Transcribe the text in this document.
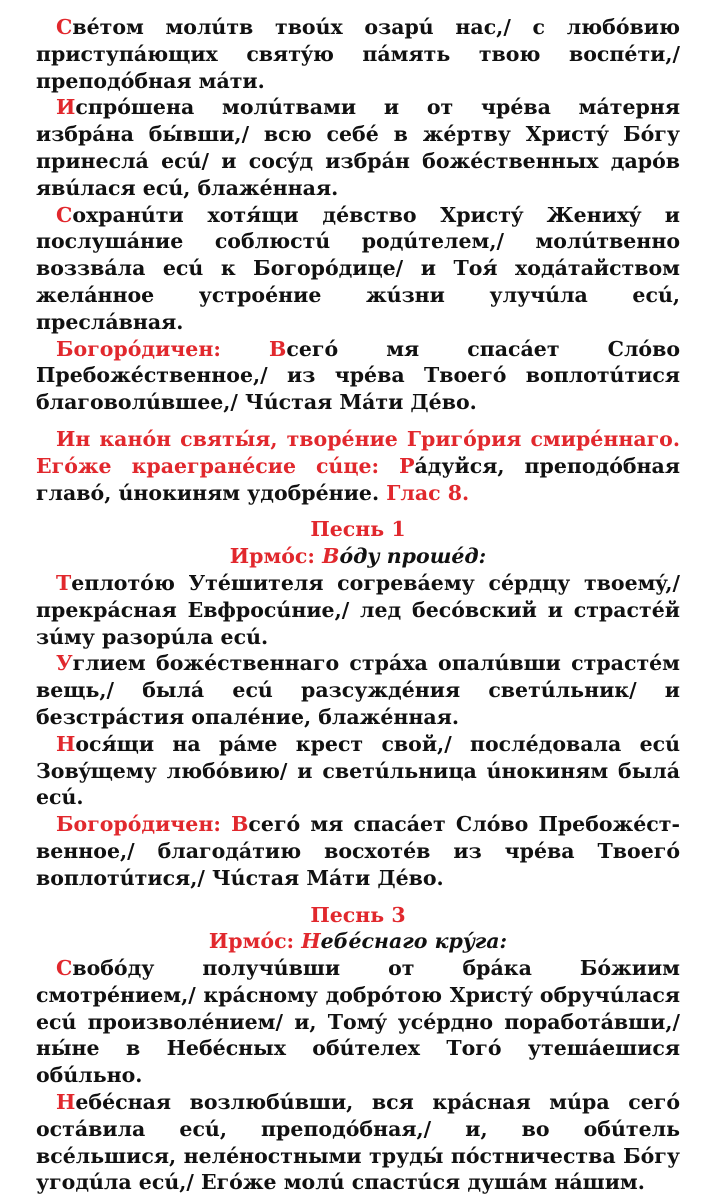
Свéтом молúтв твоúх озарú нас,/ с любóвию приступáющих святýю пáмять твою воспéти,/ преподóбная мáти.

Испрóшена молúтвами и от чрéва мáтерня избрáна бы́вши,/ всю себé в жéртву Христý Бóгу принеслá есú/ и сосýд избрáн божéственных дарóв явúлася есú, блажéнная.

Сохранúти хотя́щи дéвство Христý Женихý и послушáние соблюстú родúтелем,/ молúтвенно воззвáла есú к Богорóдице/ и Тоя́ ходáтайством желáнное устроéние жúзни улучúла есú, преслáвная.

Богорóдичен: Всегó мя спасáет Слóво Пребожéственное,/ из чрéва Твоегó воплотúтися благоволúвшее,/ Чúстая Мáти Дéво.

Ин канóн святы́я, творéние Григóрия смирéннаго. Егóже краегранéсие сúце: Рáдуйся, преподóбная главó, úнокиням удобрéние. Глас 8.

Песнь 1

Ирмóс: Вóду прошéд:

Теплотóю Утéшителя согревáему сéрдцу твоемý,/ прекрáсная Евфросúние,/ лед бесóвский и страстéй зúму разорúла есú.

Углием божéственнаго стрáха опалúвши страстéм вещь,/ былá есú разсуждéния светúльник/ и безстрáстия опалéние, блажéнная.

Нося́щи на рáме крест свой,/ послéдовала есú Зовýщему любóвию/ и светúльница úнокиням былá есú.

Богорóдичен: Всегó мя спасáет Слóво Пребожéственное,/ благодáтию восхотéв из чрéва Твоегó воплотúтися,/ Чúстая Мáти Дéво.

Песнь 3

Ирмóс: Небéснаго крýга:

Свобóду получúвши от брáка Бóжиим смотрéнием,/ крáсному добрóтою Христý обручúлася есú произволéнием/ и, Томý усéрдно поработáвши,/ ны́не в Небéсных обúтелех Тогó утешáешися обúльно.

Небéсная возлюбúвши, вся крáсная мúра сегó остáвила есú, преподóбная,/ и, во обúтель всéльшися, нелéностными труды́ пóстничества Бóгу угодúла есú,/ Егóже молú спастúся душáм нáшим.
